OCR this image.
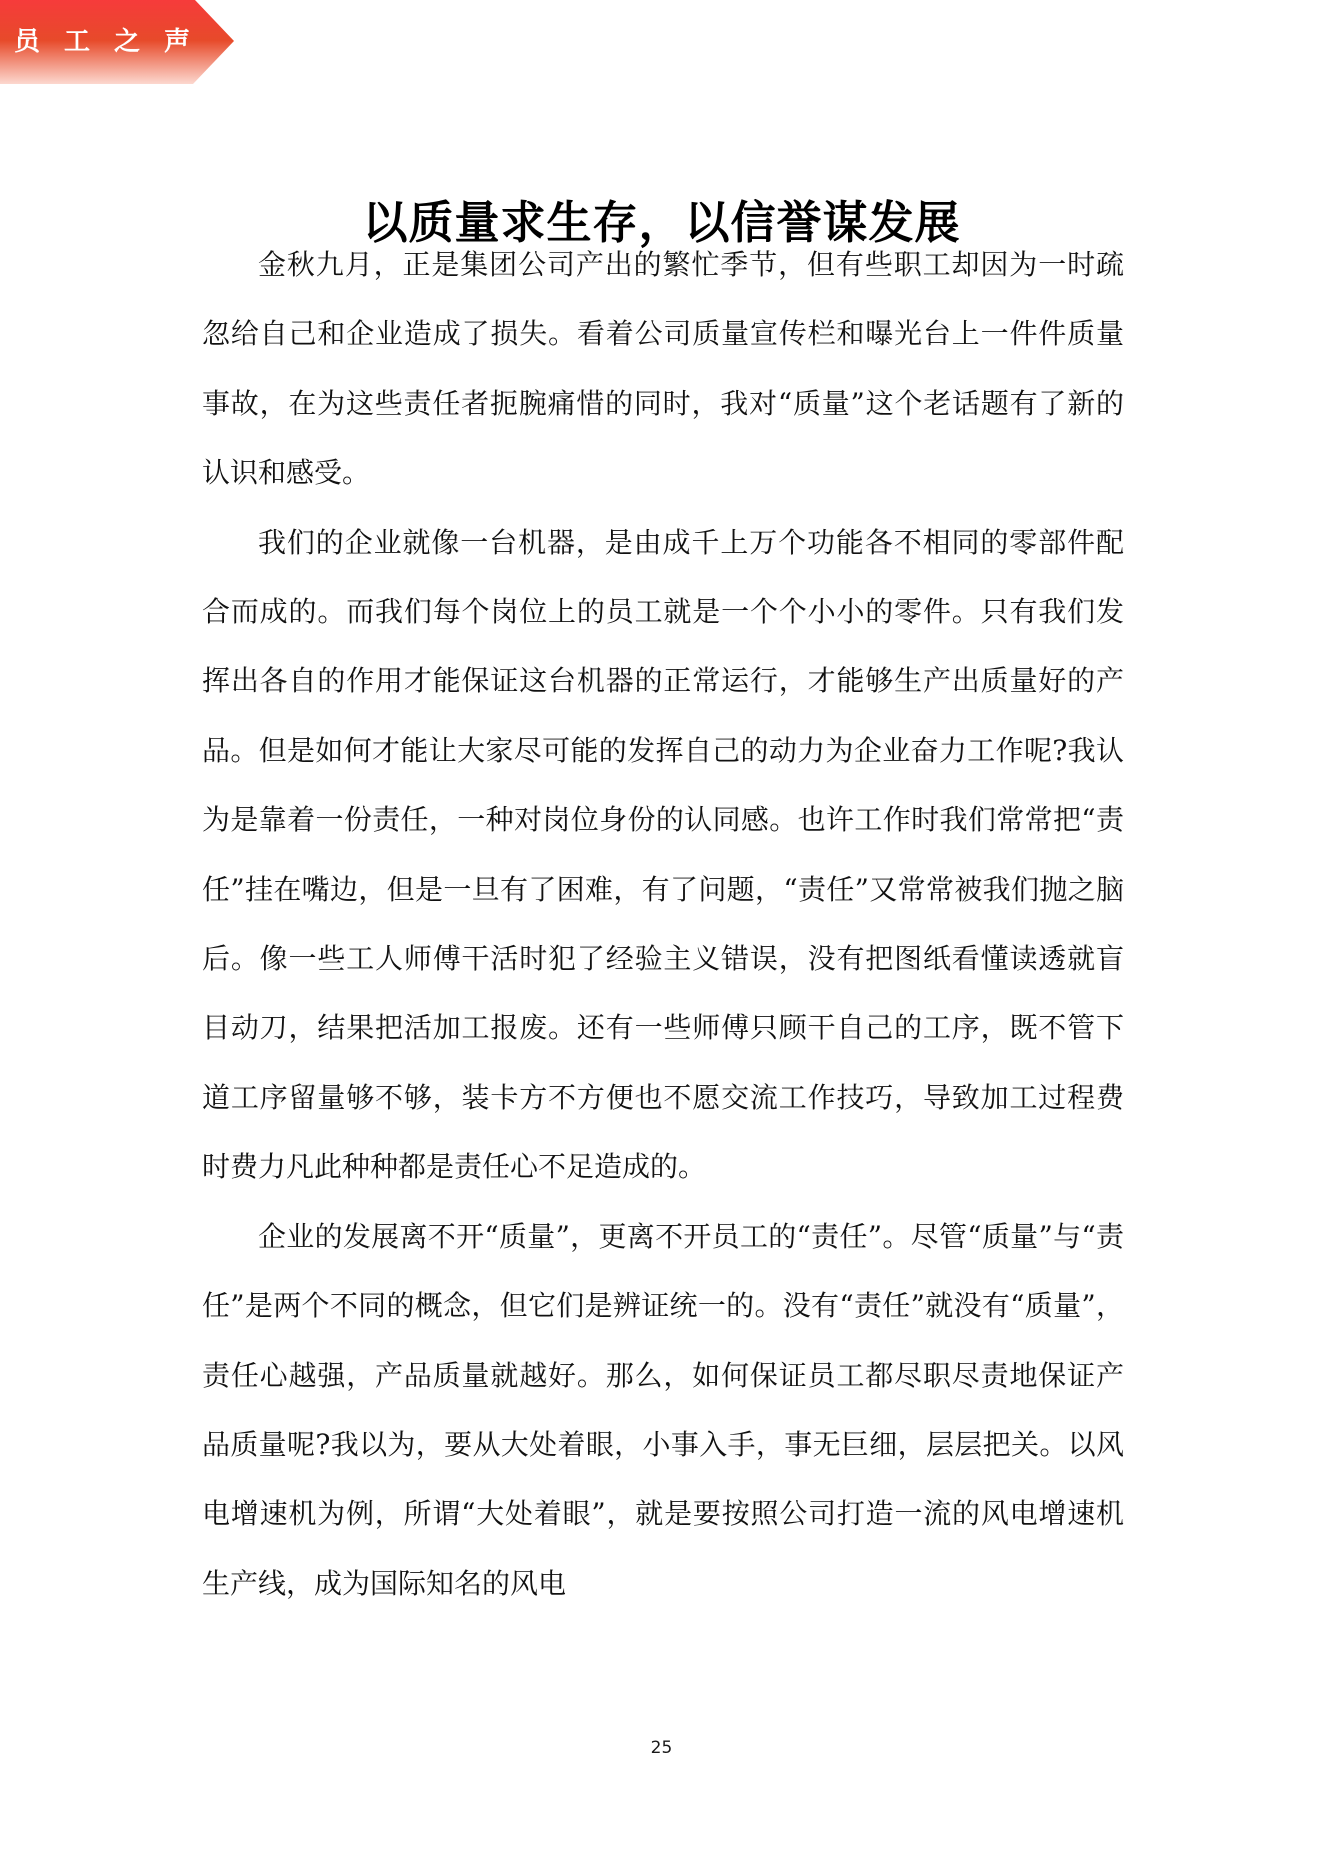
员工之声
以质量求生存，以信誉谋发展

金秋九月，正是集团公司产出的繁忙季节，但有些职工却因为一时疏忽给自己和企业造成了损失。看着公司质量宣传栏和曝光台上一件件质量事故，在为这些责任者扼腕痛惜的同时，我对“质量”这个老话题有了新的认识和感受。

我们的企业就像一台机器，是由成千上万个功能各不相同的零部件配合而成的。而我们每个岗位上的员工就是一个个小小的零件。只有我们发挥出各自的作用才能保证这台机器的正常运行，才能够生产出质量好的产品。但是如何才能让大家尽可能的发挥自己的动力为企业奋力工作呢?我认为是靠着一份责任，一种对岗位身份的认同感。也许工作时我们常常把“责任”挂在嘴边，但是一旦有了困难，有了问题，“责任”又常常被我们抛之脑后。像一些工人师傅干活时犯了经验主义错误，没有把图纸看懂读透就盲目动刀，结果把活加工报废。还有一些师傅只顾干自己的工序，既不管下道工序留量够不够，装卡方不方便也不愿交流工作技巧，导致加工过程费时费力凡此种种都是责任心不足造成的。

企业的发展离不开“质量”，更离不开员工的“责任”。尽管“质量”与“责任”是两个不同的概念，但它们是辨证统一的。没有“责任”就没有“质量”，责任心越强，产品质量就越好。那么，如何保证员工都尽职尽责地保证产品质量呢?我以为，要从大处着眼，小事入手，事无巨细，层层把关。以风电增速机为例，所谓“大处着眼”，就是要按照公司打造一流的风电增速机生产线，成为国际知名的风电

25
